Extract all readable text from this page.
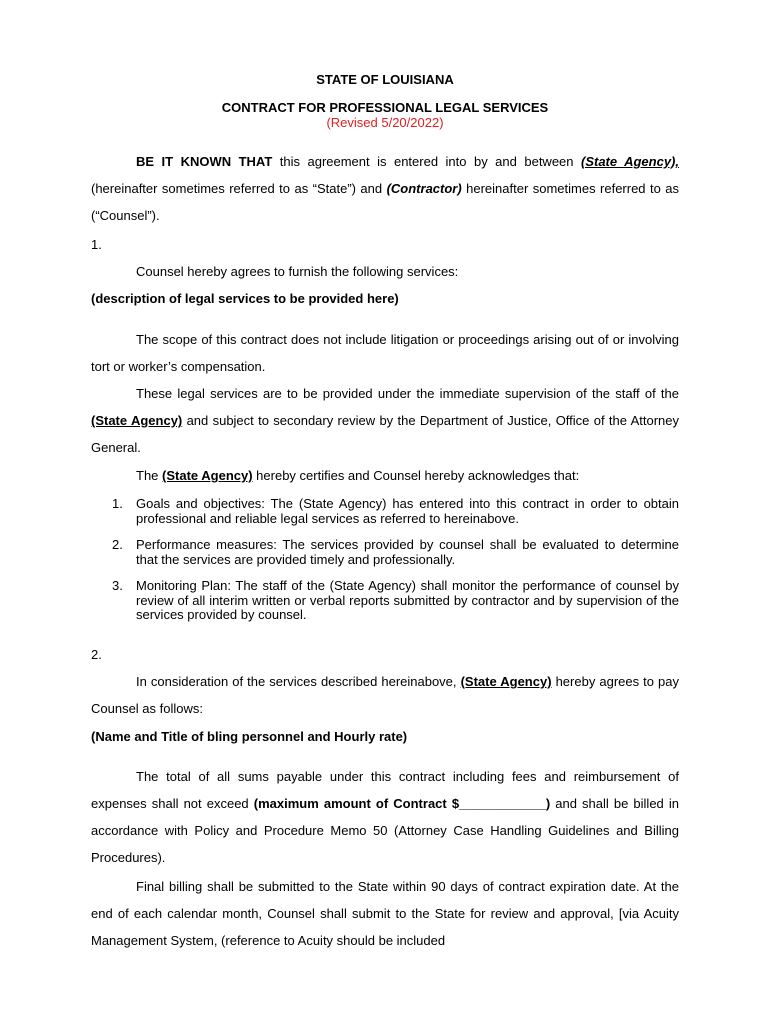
STATE OF LOUISIANA
CONTRACT FOR PROFESSIONAL LEGAL SERVICES
(Revised 5/20/2022)

BE IT KNOWN THAT this agreement is entered into by and between (State Agency), (hereinafter sometimes referred to as “State”) and (Contractor) hereinafter sometimes referred to as (“Counsel”).

1.

Counsel hereby agrees to furnish the following services:

(description of legal services to be provided here)

The scope of this contract does not include litigation or proceedings arising out of or involving tort or worker’s compensation.

These legal services are to be provided under the immediate supervision of the staff of the (State Agency) and subject to secondary review by the Department of Justice, Office of the Attorney General.

The (State Agency) hereby certifies and Counsel hereby acknowledges that:

1. Goals and objectives: The (State Agency) has entered into this contract in order to obtain professional and reliable legal services as referred to hereinabove.
2. Performance measures: The services provided by counsel shall be evaluated to determine that the services are provided timely and professionally.
3. Monitoring Plan: The staff of the (State Agency) shall monitor the performance of counsel by review of all interim written or verbal reports submitted by contractor and by supervision of the services provided by counsel.
2.

In consideration of the services described hereinabove, (State Agency) hereby agrees to pay Counsel as follows:

(Name and Title of bling personnel and Hourly rate)

The total of all sums payable under this contract including fees and reimbursement of expenses shall not exceed (maximum amount of Contract $____________) and shall be billed in accordance with Policy and Procedure Memo 50 (Attorney Case Handling Guidelines and Billing Procedures).

Final billing shall be submitted to the State within 90 days of contract expiration date. At the end of each calendar month, Counsel shall submit to the State for review and approval, [via Acuity Management System, (reference to Acuity should be included
